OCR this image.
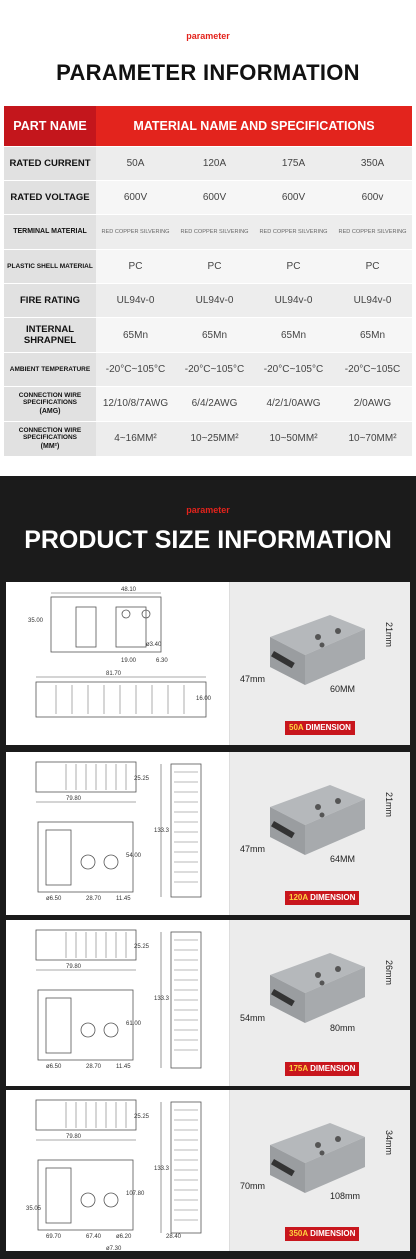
parameter
PARAMETER INFORMATION
PART NAME	MATERIAL NAME AND SPECIFICATIONS			
RATED CURRENT	50A	120A	175A	350A
RATED VOLTAGE	600V	600V	600V	600v
TERMINAL MATERIAL	RED COPPER SILVERING	RED COPPER SILVERING	RED COPPER SILVERING	RED COPPER SILVERING
PLASTIC SHELL MATERIAL	PC	PC	PC	PC
FIRE RATING	UL94v-0	UL94v-0	UL94v-0	UL94v-0
INTERNAL SHRAPNEL	65Mn	65Mn	65Mn	65Mn
AMBIENT TEMPERATURE	-20°C~105°C	-20°C~105°C	-20°C~105°C	-20°C~105C
CONNECTION WIRE SPECIFICATIONS
(AMG)	12/10/8/7AWG	6/4/2AWG	4/2/1/0AWG	2/0AWG
CONNECTION WIRE SPECIFICATIONS
(MM²)	4~16MM²	10~25MM²	10~50MM²	10~70MM²
parameter
PRODUCT SIZE INFORMATION
48.10
ø3.40
35.00
19.00	6.30
81.70
16.00
21mm
47mm
60MM
50A DIMENSION
25.25
79.80
133.3
54.00
ø6.50	28.70 11.45
21mm
47mm
64MM
120A DIMENSION
25.25
79.80
133.3
61.00
ø6.50	28.70 11.45
26mm
54mm
80mm
175A DIMENSION
25.25
79.80
133.3
107.80
69.70	67.40 ø6.20	28.40
35.05
ø7.30
34mm
70mm
108mm
350A DIMENSION
